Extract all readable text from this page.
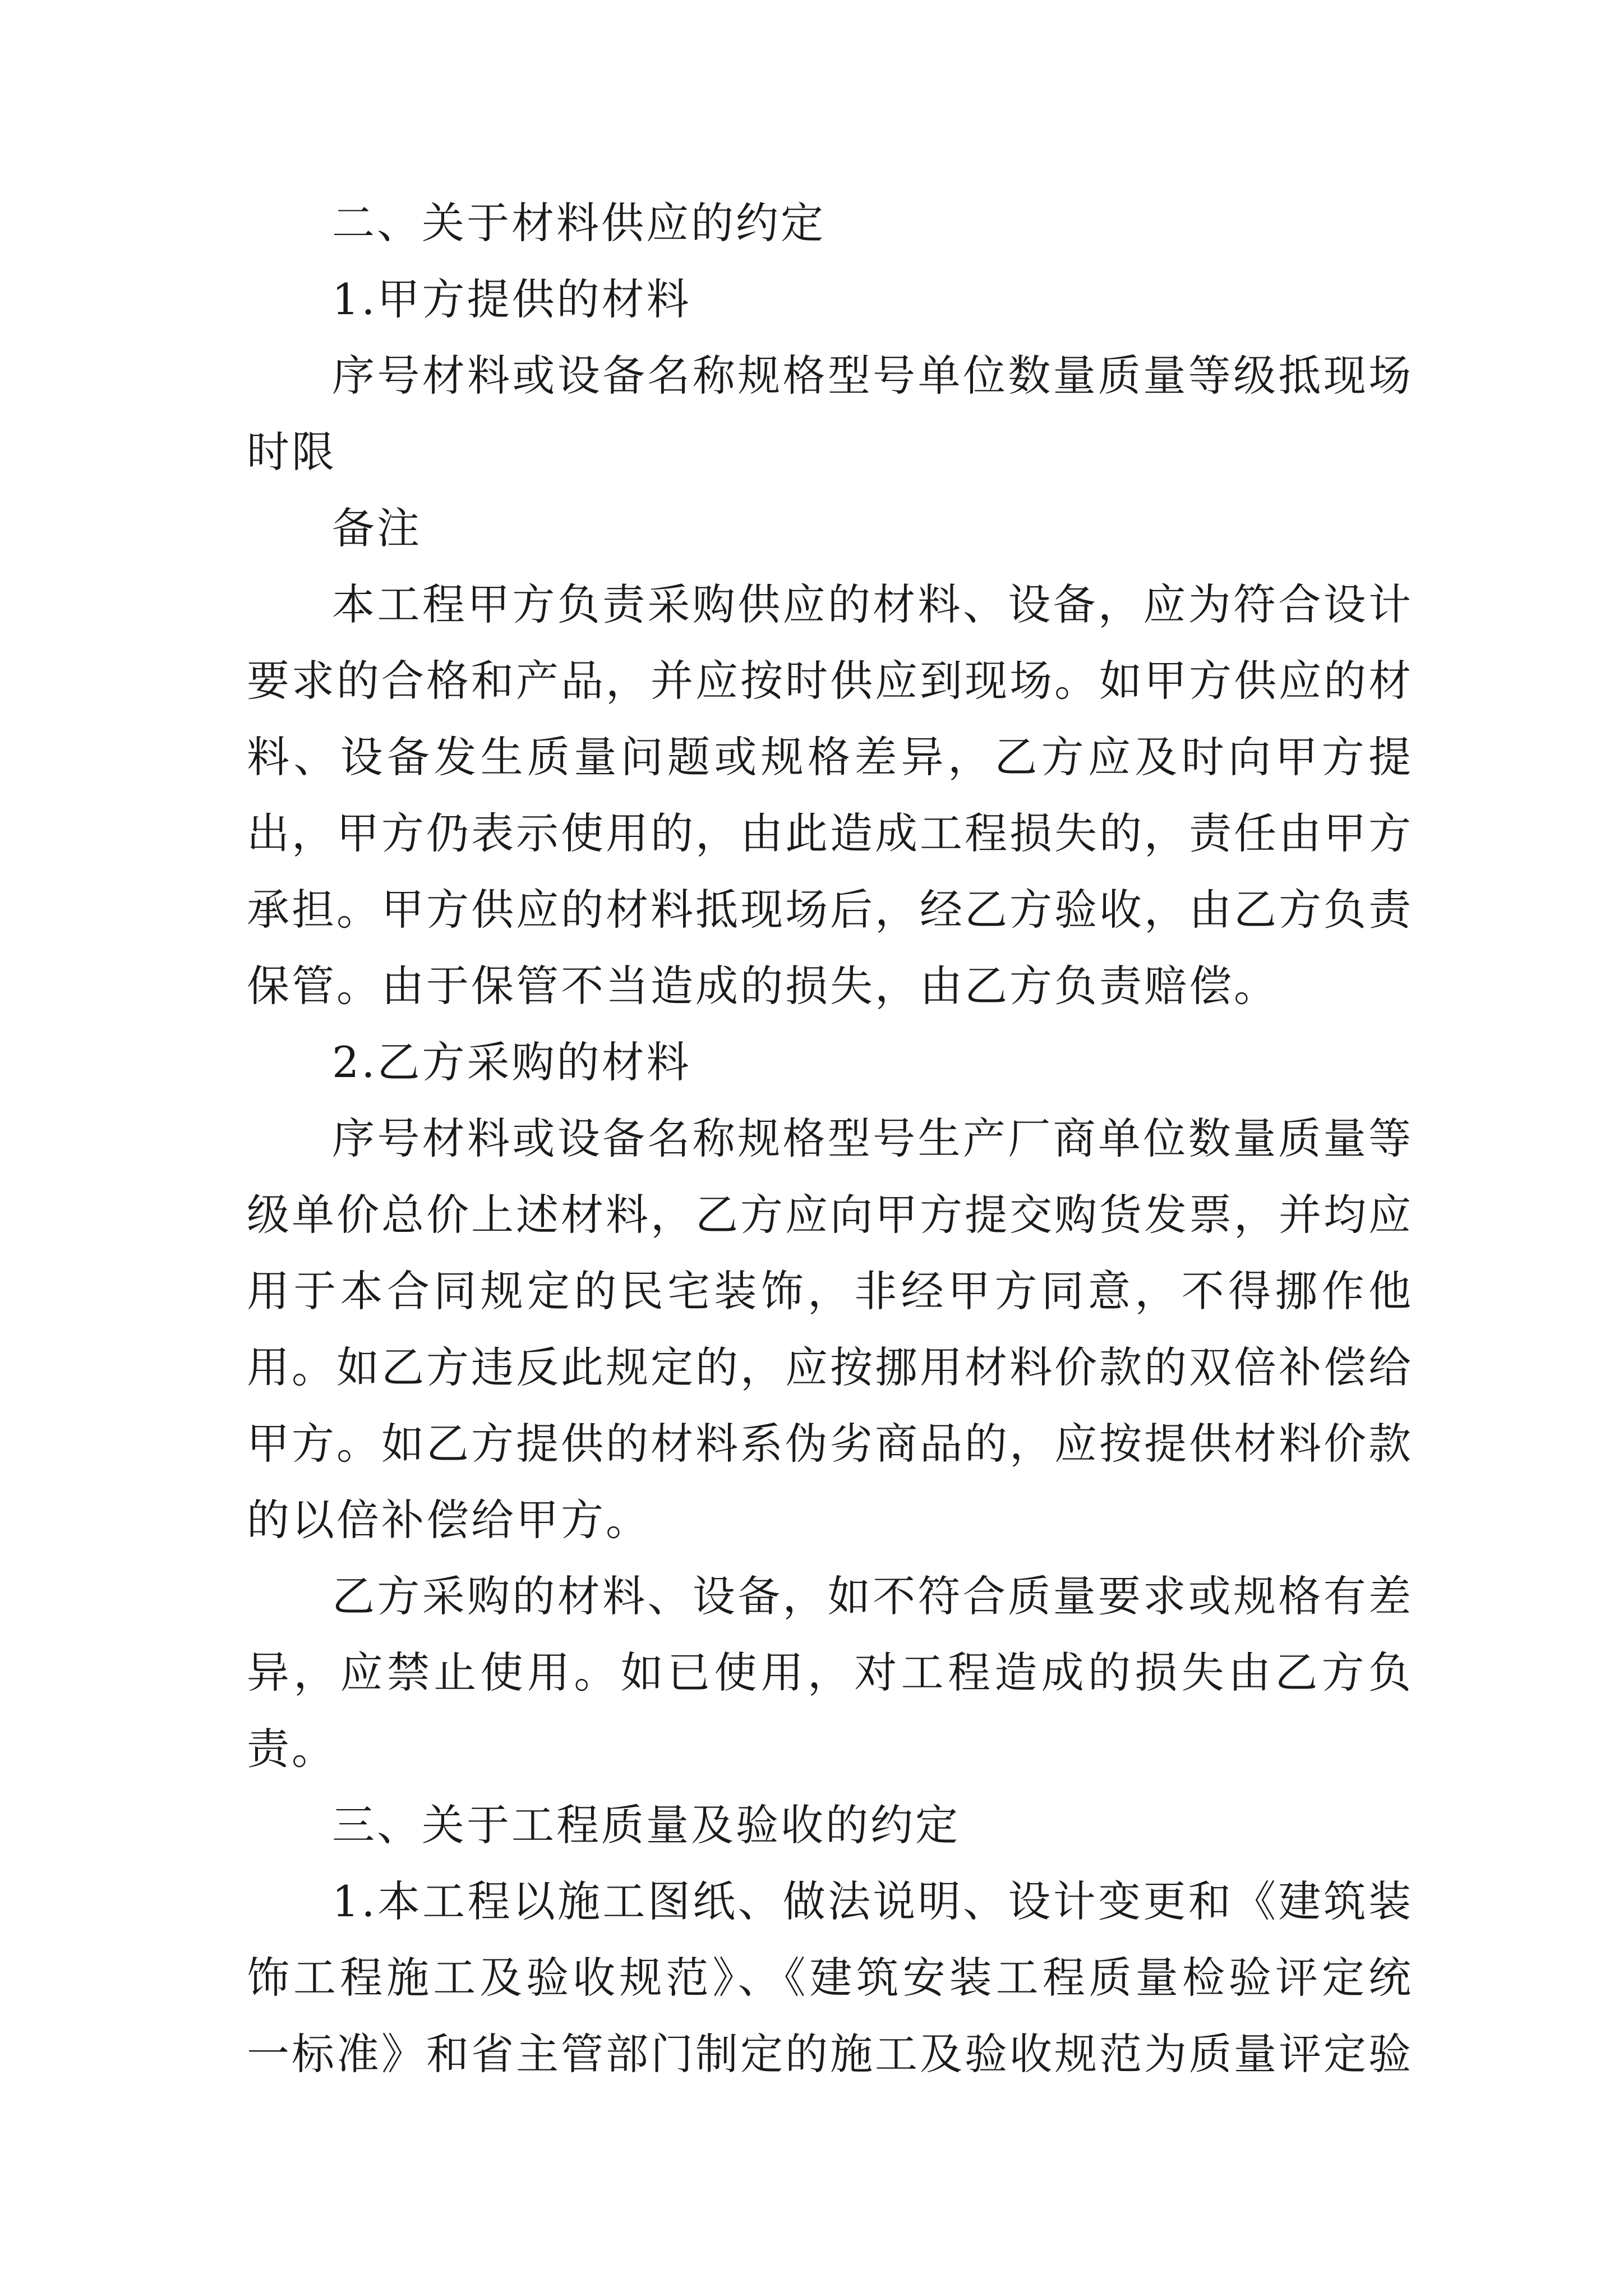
二、关于材料供应的约定

1.甲方提供的材料

序号材料或设备名称规格型号单位数量质量等级抵现场时限

备注

本工程甲方负责采购供应的材料、设备，应为符合设计要求的合格和产品，并应按时供应到现场。如甲方供应的材料、设备发生质量问题或规格差异，乙方应及时向甲方提出，甲方仍表示使用的，由此造成工程损失的，责任由甲方承担。甲方供应的材料抵现场后，经乙方验收，由乙方负责保管。由于保管不当造成的损失，由乙方负责赔偿。

2.乙方采购的材料

序号材料或设备名称规格型号生产厂商单位数量质量等级单价总价上述材料，乙方应向甲方提交购货发票，并均应用于本合同规定的民宅装饰，非经甲方同意，不得挪作他用。如乙方违反此规定的，应按挪用材料价款的双倍补偿给甲方。如乙方提供的材料系伪劣商品的，应按提供材料价款的以倍补偿给甲方。

乙方采购的材料、设备，如不符合质量要求或规格有差异，应禁止使用。如已使用，对工程造成的损失由乙方负责。

三、关于工程质量及验收的约定

1.本工程以施工图纸、做法说明、设计变更和《建筑装饰工程施工及验收规范》、《建筑安装工程质量检验评定统一标准》和省主管部门制定的施工及验收规范为质量评定验
